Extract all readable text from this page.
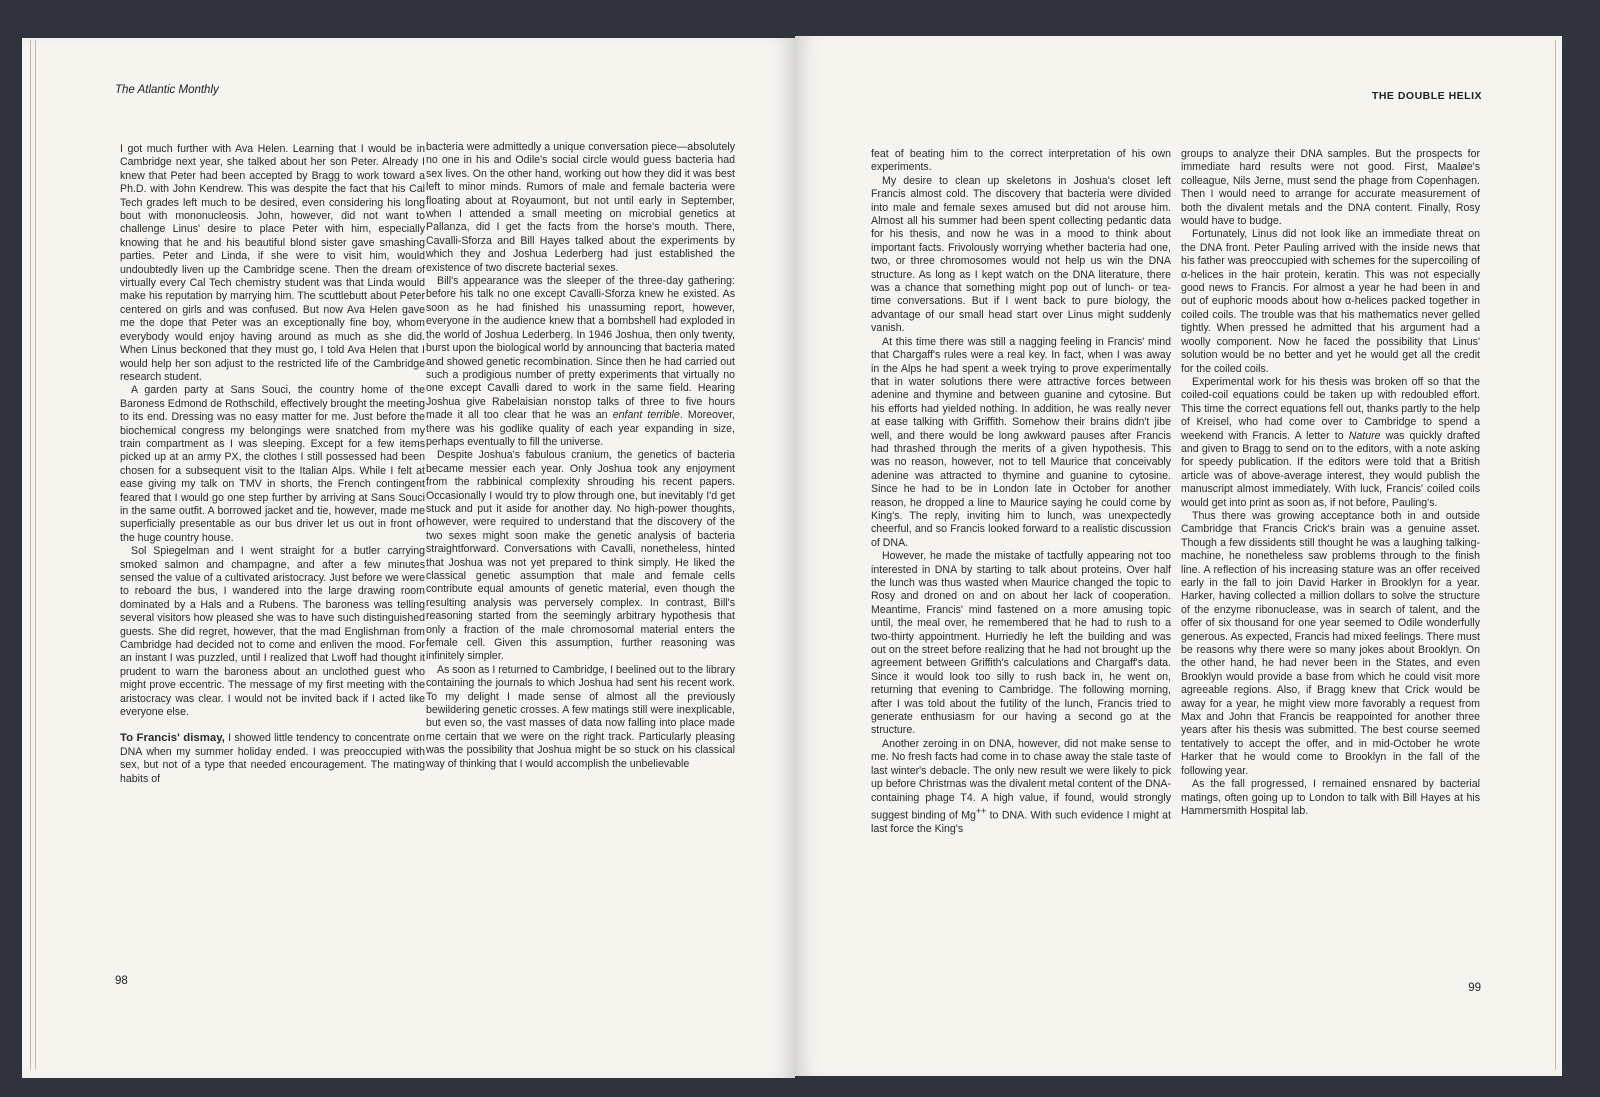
The Atlantic Monthly

I got much further with Ava Helen. Learning that I would be in Cambridge next year, she talked about her son Peter. Already I knew that Peter had been accepted by Bragg to work toward a Ph.D. with John Kendrew. This was despite the fact that his Cal Tech grades left much to be desired, even considering his long bout with mononucleosis. John, however, did not want to challenge Linus' desire to place Peter with him, especially knowing that he and his beautiful blond sister gave smashing parties. Peter and Linda, if she were to visit him, would undoubtedly liven up the Cambridge scene. Then the dream of virtually every Cal Tech chemistry student was that Linda would make his reputation by marrying him. The scuttlebutt about Peter centered on girls and was confused. But now Ava Helen gave me the dope that Peter was an exceptionally fine boy, whom everybody would enjoy having around as much as she did. When Linus beckoned that they must go, I told Ava Helen that I would help her son adjust to the restricted life of the Cambridge research student.

A garden party at Sans Souci, the country home of the Baroness Edmond de Rothschild, effectively brought the meeting to its end. Dressing was no easy matter for me. Just before the biochemical congress my belongings were snatched from my train compartment as I was sleeping. Except for a few items picked up at an army PX, the clothes I still possessed had been chosen for a subsequent visit to the Italian Alps. While I felt at ease giving my talk on TMV in shorts, the French contingent feared that I would go one step further by arriving at Sans Souci in the same outfit. A borrowed jacket and tie, however, made me superficially presentable as our bus driver let us out in front of the huge country house.

Sol Spiegelman and I went straight for a butler carrying smoked salmon and champagne, and after a few minutes sensed the value of a cultivated aristocracy. Just before we were to reboard the bus, I wandered into the large drawing room dominated by a Hals and a Rubens. The baroness was telling several visitors how pleased she was to have such distinguished guests. She did regret, however, that the mad Englishman from Cambridge had decided not to come and enliven the mood. For an instant I was puzzled, until I realized that Lwoff had thought it prudent to warn the baroness about an unclothed guest who might prove eccentric. The message of my first meeting with the aristocracy was clear. I would not be invited back if I acted like everyone else.

To Francis' dismay, I showed little tendency to concentrate on DNA when my summer holiday ended. I was preoccupied with sex, but not of a type that needed encouragement. The mating habits of

bacteria were admittedly a unique conversation piece—absolutely no one in his and Odile's social circle would guess bacteria had sex lives. On the other hand, working out how they did it was best left to minor minds. Rumors of male and female bacteria were floating about at Royaumont, but not until early in September, when I attended a small meeting on microbial genetics at Pallanza, did I get the facts from the horse's mouth. There, Cavalli-Sforza and Bill Hayes talked about the experiments by which they and Joshua Lederberg had just established the existence of two discrete bacterial sexes.

Bill's appearance was the sleeper of the three-day gathering: before his talk no one except Cavalli-Sforza knew he existed. As soon as he had finished his unassuming report, however, everyone in the audience knew that a bombshell had exploded in the world of Joshua Lederberg. In 1946 Joshua, then only twenty, burst upon the biological world by announcing that bacteria mated and showed genetic recombination. Since then he had carried out such a prodigious number of pretty experiments that virtually no one except Cavalli dared to work in the same field. Hearing Joshua give Rabelaisian nonstop talks of three to five hours made it all too clear that he was an enfant terrible. Moreover, there was his godlike quality of each year expanding in size, perhaps eventually to fill the universe.

Despite Joshua's fabulous cranium, the genetics of bacteria became messier each year. Only Joshua took any enjoyment from the rabbinical complexity shrouding his recent papers. Occasionally I would try to plow through one, but inevitably I'd get stuck and put it aside for another day. No high-power thoughts, however, were required to understand that the discovery of the two sexes might soon make the genetic analysis of bacteria straightforward. Conversations with Cavalli, nonetheless, hinted that Joshua was not yet prepared to think simply. He liked the classical genetic assumption that male and female cells contribute equal amounts of genetic material, even though the resulting analysis was perversely complex. In contrast, Bill's reasoning started from the seemingly arbitrary hypothesis that only a fraction of the male chromosomal material enters the female cell. Given this assumption, further reasoning was infinitely simpler.

As soon as I returned to Cambridge, I beelined out to the library containing the journals to which Joshua had sent his recent work. To my delight I made sense of almost all the previously bewildering genetic crosses. A few matings still were inexplicable, but even so, the vast masses of data now falling into place made me certain that we were on the right track. Particularly pleasing was the possibility that Joshua might be so stuck on his classical way of thinking that I would accomplish the unbelievable

98
THE DOUBLE HELIX

feat of beating him to the correct interpretation of his own experiments.

My desire to clean up skeletons in Joshua's closet left Francis almost cold. The discovery that bacteria were divided into male and female sexes amused but did not arouse him. Almost all his summer had been spent collecting pedantic data for his thesis, and now he was in a mood to think about important facts. Frivolously worrying whether bacteria had one, two, or three chromosomes would not help us win the DNA structure. As long as I kept watch on the DNA literature, there was a chance that something might pop out of lunch- or tea-time conversations. But if I went back to pure biology, the advantage of our small head start over Linus might suddenly vanish.

At this time there was still a nagging feeling in Francis' mind that Chargaff's rules were a real key. In fact, when I was away in the Alps he had spent a week trying to prove experimentally that in water solutions there were attractive forces between adenine and thymine and between guanine and cytosine. But his efforts had yielded nothing. In addition, he was really never at ease talking with Griffith. Somehow their brains didn't jibe well, and there would be long awkward pauses after Francis had thrashed through the merits of a given hypothesis. This was no reason, however, not to tell Maurice that conceivably adenine was attracted to thymine and guanine to cytosine. Since he had to be in London late in October for another reason, he dropped a line to Maurice saying he could come by King's. The reply, inviting him to lunch, was unexpectedly cheerful, and so Francis looked forward to a realistic discussion of DNA.

However, he made the mistake of tactfully appearing not too interested in DNA by starting to talk about proteins. Over half the lunch was thus wasted when Maurice changed the topic to Rosy and droned on and on about her lack of cooperation. Meantime, Francis' mind fastened on a more amusing topic until, the meal over, he remembered that he had to rush to a two-thirty appointment. Hurriedly he left the building and was out on the street before realizing that he had not brought up the agreement between Griffith's calculations and Chargaff's data. Since it would look too silly to rush back in, he went on, returning that evening to Cambridge. The following morning, after I was told about the futility of the lunch, Francis tried to generate enthusiasm for our having a second go at the structure.

Another zeroing in on DNA, however, did not make sense to me. No fresh facts had come in to chase away the stale taste of last winter's debacle. The only new result we were likely to pick up before Christmas was the divalent metal content of the DNA-containing phage T4. A high value, if found, would strongly suggest binding of Mg++ to DNA. With such evidence I might at last force the King's

groups to analyze their DNA samples. But the prospects for immediate hard results were not good. First, Maaløe's colleague, Nils Jerne, must send the phage from Copenhagen. Then I would need to arrange for accurate measurement of both the divalent metals and the DNA content. Finally, Rosy would have to budge.

Fortunately, Linus did not look like an immediate threat on the DNA front. Peter Pauling arrived with the inside news that his father was preoccupied with schemes for the supercoiling of α-helices in the hair protein, keratin. This was not especially good news to Francis. For almost a year he had been in and out of euphoric moods about how α-helices packed together in coiled coils. The trouble was that his mathematics never gelled tightly. When pressed he admitted that his argument had a woolly component. Now he faced the possibility that Linus' solution would be no better and yet he would get all the credit for the coiled coils.

Experimental work for his thesis was broken off so that the coiled-coil equations could be taken up with redoubled effort. This time the correct equations fell out, thanks partly to the help of Kreisel, who had come over to Cambridge to spend a weekend with Francis. A letter to Nature was quickly drafted and given to Bragg to send on to the editors, with a note asking for speedy publication. If the editors were told that a British article was of above-average interest, they would publish the manuscript almost immediately. With luck, Francis' coiled coils would get into print as soon as, if not before, Pauling's.

Thus there was growing acceptance both in and outside Cambridge that Francis Crick's brain was a genuine asset. Though a few dissidents still thought he was a laughing talking-machine, he nonetheless saw problems through to the finish line. A reflection of his increasing stature was an offer received early in the fall to join David Harker in Brooklyn for a year. Harker, having collected a million dollars to solve the structure of the enzyme ribonuclease, was in search of talent, and the offer of six thousand for one year seemed to Odile wonderfully generous. As expected, Francis had mixed feelings. There must be reasons why there were so many jokes about Brooklyn. On the other hand, he had never been in the States, and even Brooklyn would provide a base from which he could visit more agreeable regions. Also, if Bragg knew that Crick would be away for a year, he might view more favorably a request from Max and John that Francis be reappointed for another three years after his thesis was submitted. The best course seemed tentatively to accept the offer, and in mid-October he wrote Harker that he would come to Brooklyn in the fall of the following year.

As the fall progressed, I remained ensnared by bacterial matings, often going up to London to talk with Bill Hayes at his Hammersmith Hospital lab.

99
